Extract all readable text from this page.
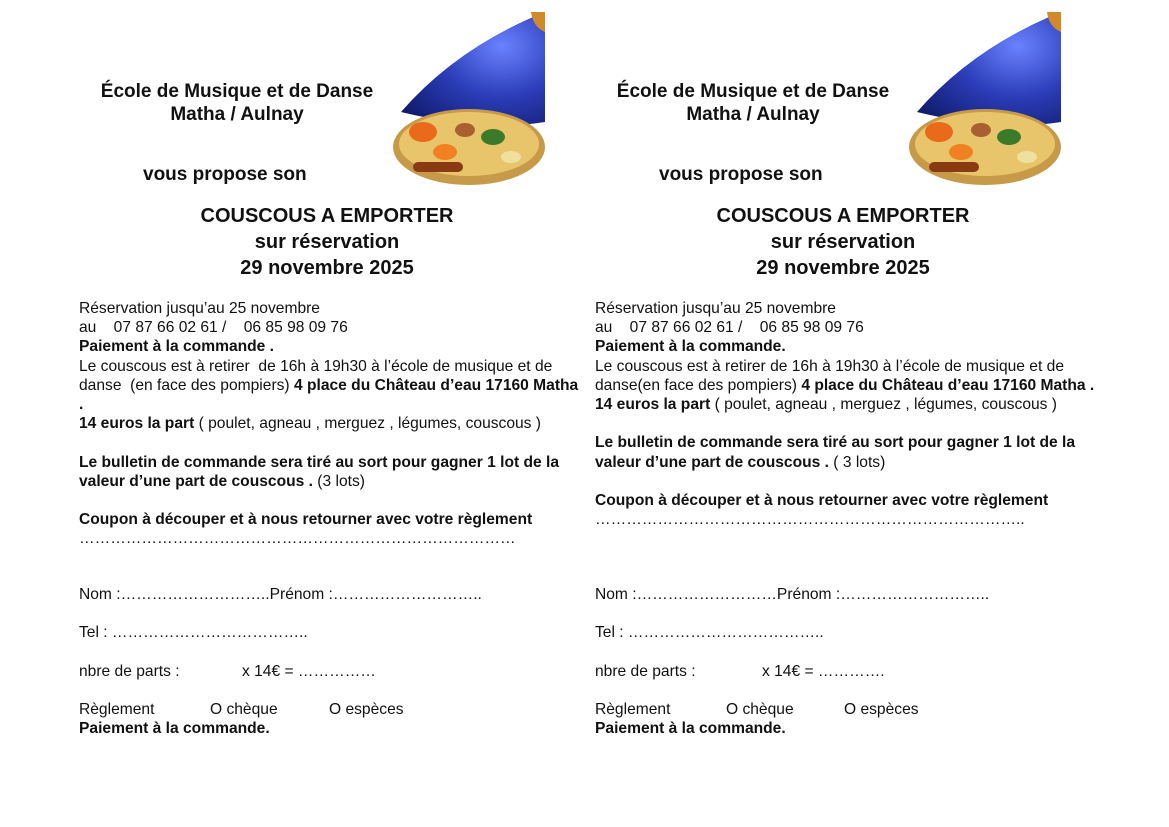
École de Musique et de Danse
Matha / Aulnay
vous propose son
COUSCOUS A EMPORTER
sur réservation
29 novembre 2025

Réservation jusqu’au 25 novembre

au    07 87 66 02 61 /    06 85 98 09 76

Paiement à la commande .

Le couscous est à retirer  de 16h à 19h30 à l’école de musique et de danse  (en face des pompiers) 4 place du Château d’eau 17160 Matha .

14 euros la part ( poulet, agneau , merguez , légumes, couscous )

Le bulletin de commande sera tiré au sort pour gagner 1 lot de la valeur d’une part de couscous . (3 lots)

Coupon à découper et à nous retourner avec votre règlement

…………………………………………………………………………

Nom :………………………..Prénom :………………………..
Tel : ………………………………..
nbre de parts :	x 14€ = ……………
Règlement	O chèque	O espèces
Paiement à la commande.
École de Musique et de Danse
Matha / Aulnay
vous propose son
COUSCOUS A EMPORTER
sur réservation
29 novembre 2025

Réservation jusqu’au 25 novembre

au    07 87 66 02 61 /    06 85 98 09 76

Paiement à la commande.

Le couscous est à retirer de 16h à 19h30 à l’école de musique et de danse(en face des pompiers) 4 place du Château d’eau 17160 Matha .

14 euros la part ( poulet, agneau , merguez , légumes, couscous )

Le bulletin de commande sera tiré au sort pour gagner 1 lot de la valeur d’une part de couscous . ( 3 lots)

Coupon à découper et à nous retourner avec votre règlement

………………………………………………………………………..

Nom :………………………Prénom :………………………..
Tel : ………………………………..
nbre de parts :	x 14€ = ………….
Règlement	O chèque	O espèces
Paiement à la commande.
